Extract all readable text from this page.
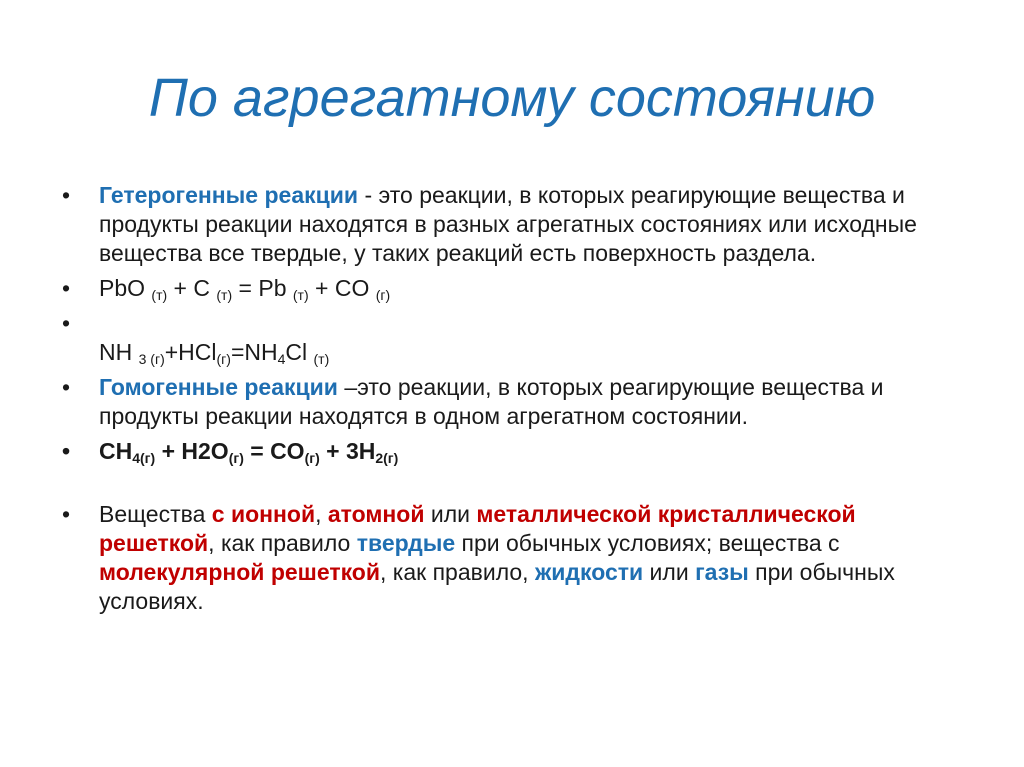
По агрегатному состоянию
•	Гетерогенные реакции - это реакции, в которых реагирующие вещества и продукты реакции находятся в разных агрегатных состояниях или исходные вещества все твердые, у таких реакций есть поверхность раздела.
•	PbO $_{(т)}$ + C $_{(т)}$ = Pb $_{(т)}$ + CO $_{(г)}$
•
NH $_{3 (г)}+HCl_{(г)}=NH_4Cl$ $_{(т)}$
•	Гомогенные реакции –это реакции, в которых реагирующие вещества и продукты реакции находятся в одном агрегатном состоянии.
•	$CH_{4(г)} + H2O_{(г)} = CO_{(г)} + 3H_{2(г)}$
•	Вещества с ионной, атомной или металлической кристаллической решеткой, как правило твердые при обычных условиях; вещества с молекулярной решеткой, как правило, жидкости или газы при обычных условиях.
